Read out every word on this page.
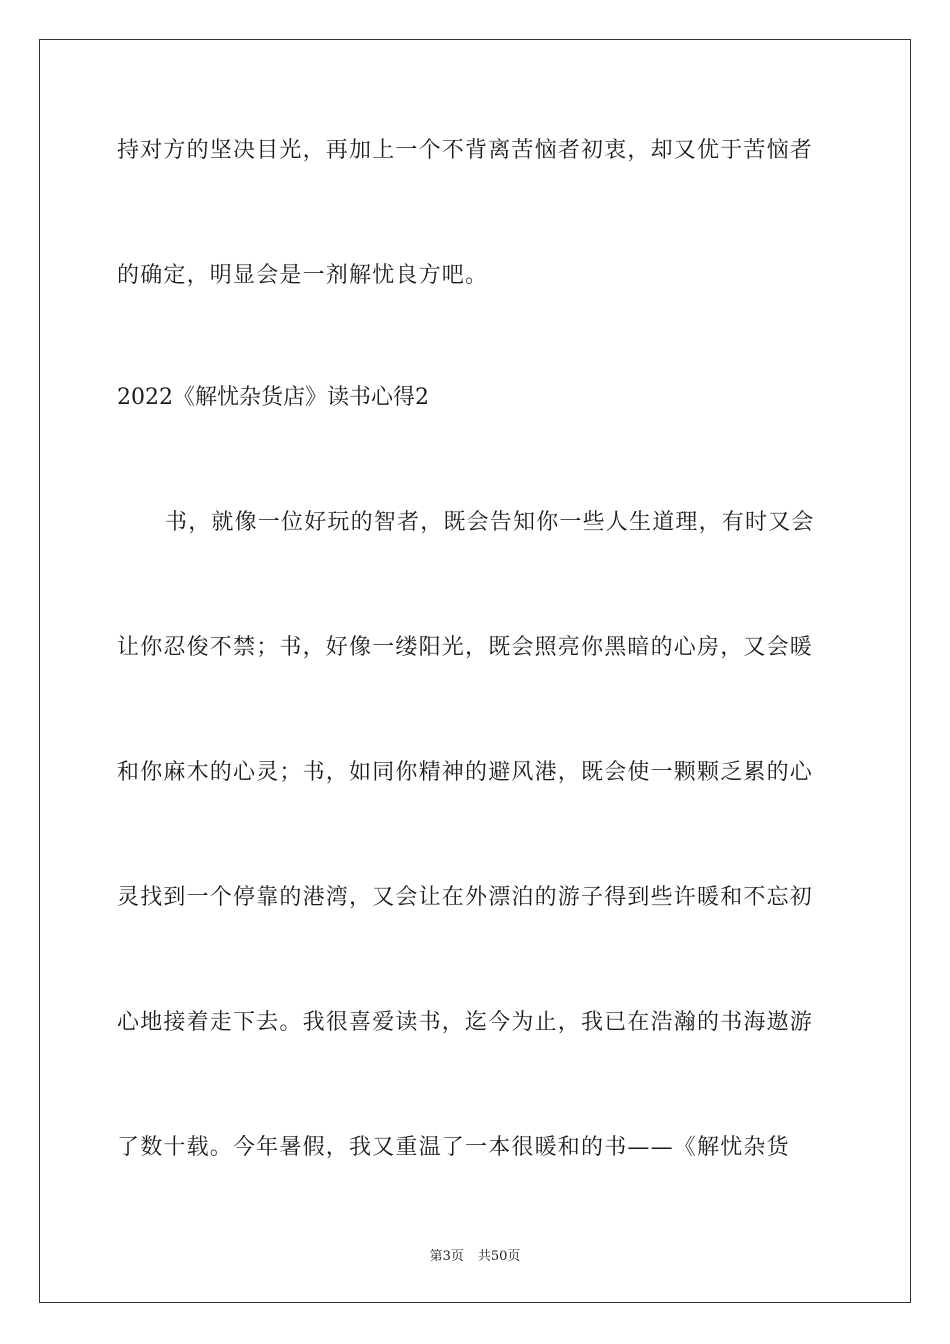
持对方的坚决目光，再加上一个不背离苦恼者初衷，却又优于苦恼者
的确定，明显会是一剂解忧良方吧。
2022《解忧杂货店》读书心得2
书，就像一位好玩的智者，既会告知你一些人生道理，有时又会
让你忍俊不禁；书，好像一缕阳光，既会照亮你黑暗的心房，又会暖
和你麻木的心灵；书，如同你精神的避风港，既会使一颗颗乏累的心
灵找到一个停靠的港湾，又会让在外漂泊的游子得到些许暖和不忘初
心地接着走下去。我很喜爱读书，迄今为止，我已在浩瀚的书海遨游
了数十载。今年暑假，我又重温了一本很暖和的书——《解忧杂货
第3页 共50页
